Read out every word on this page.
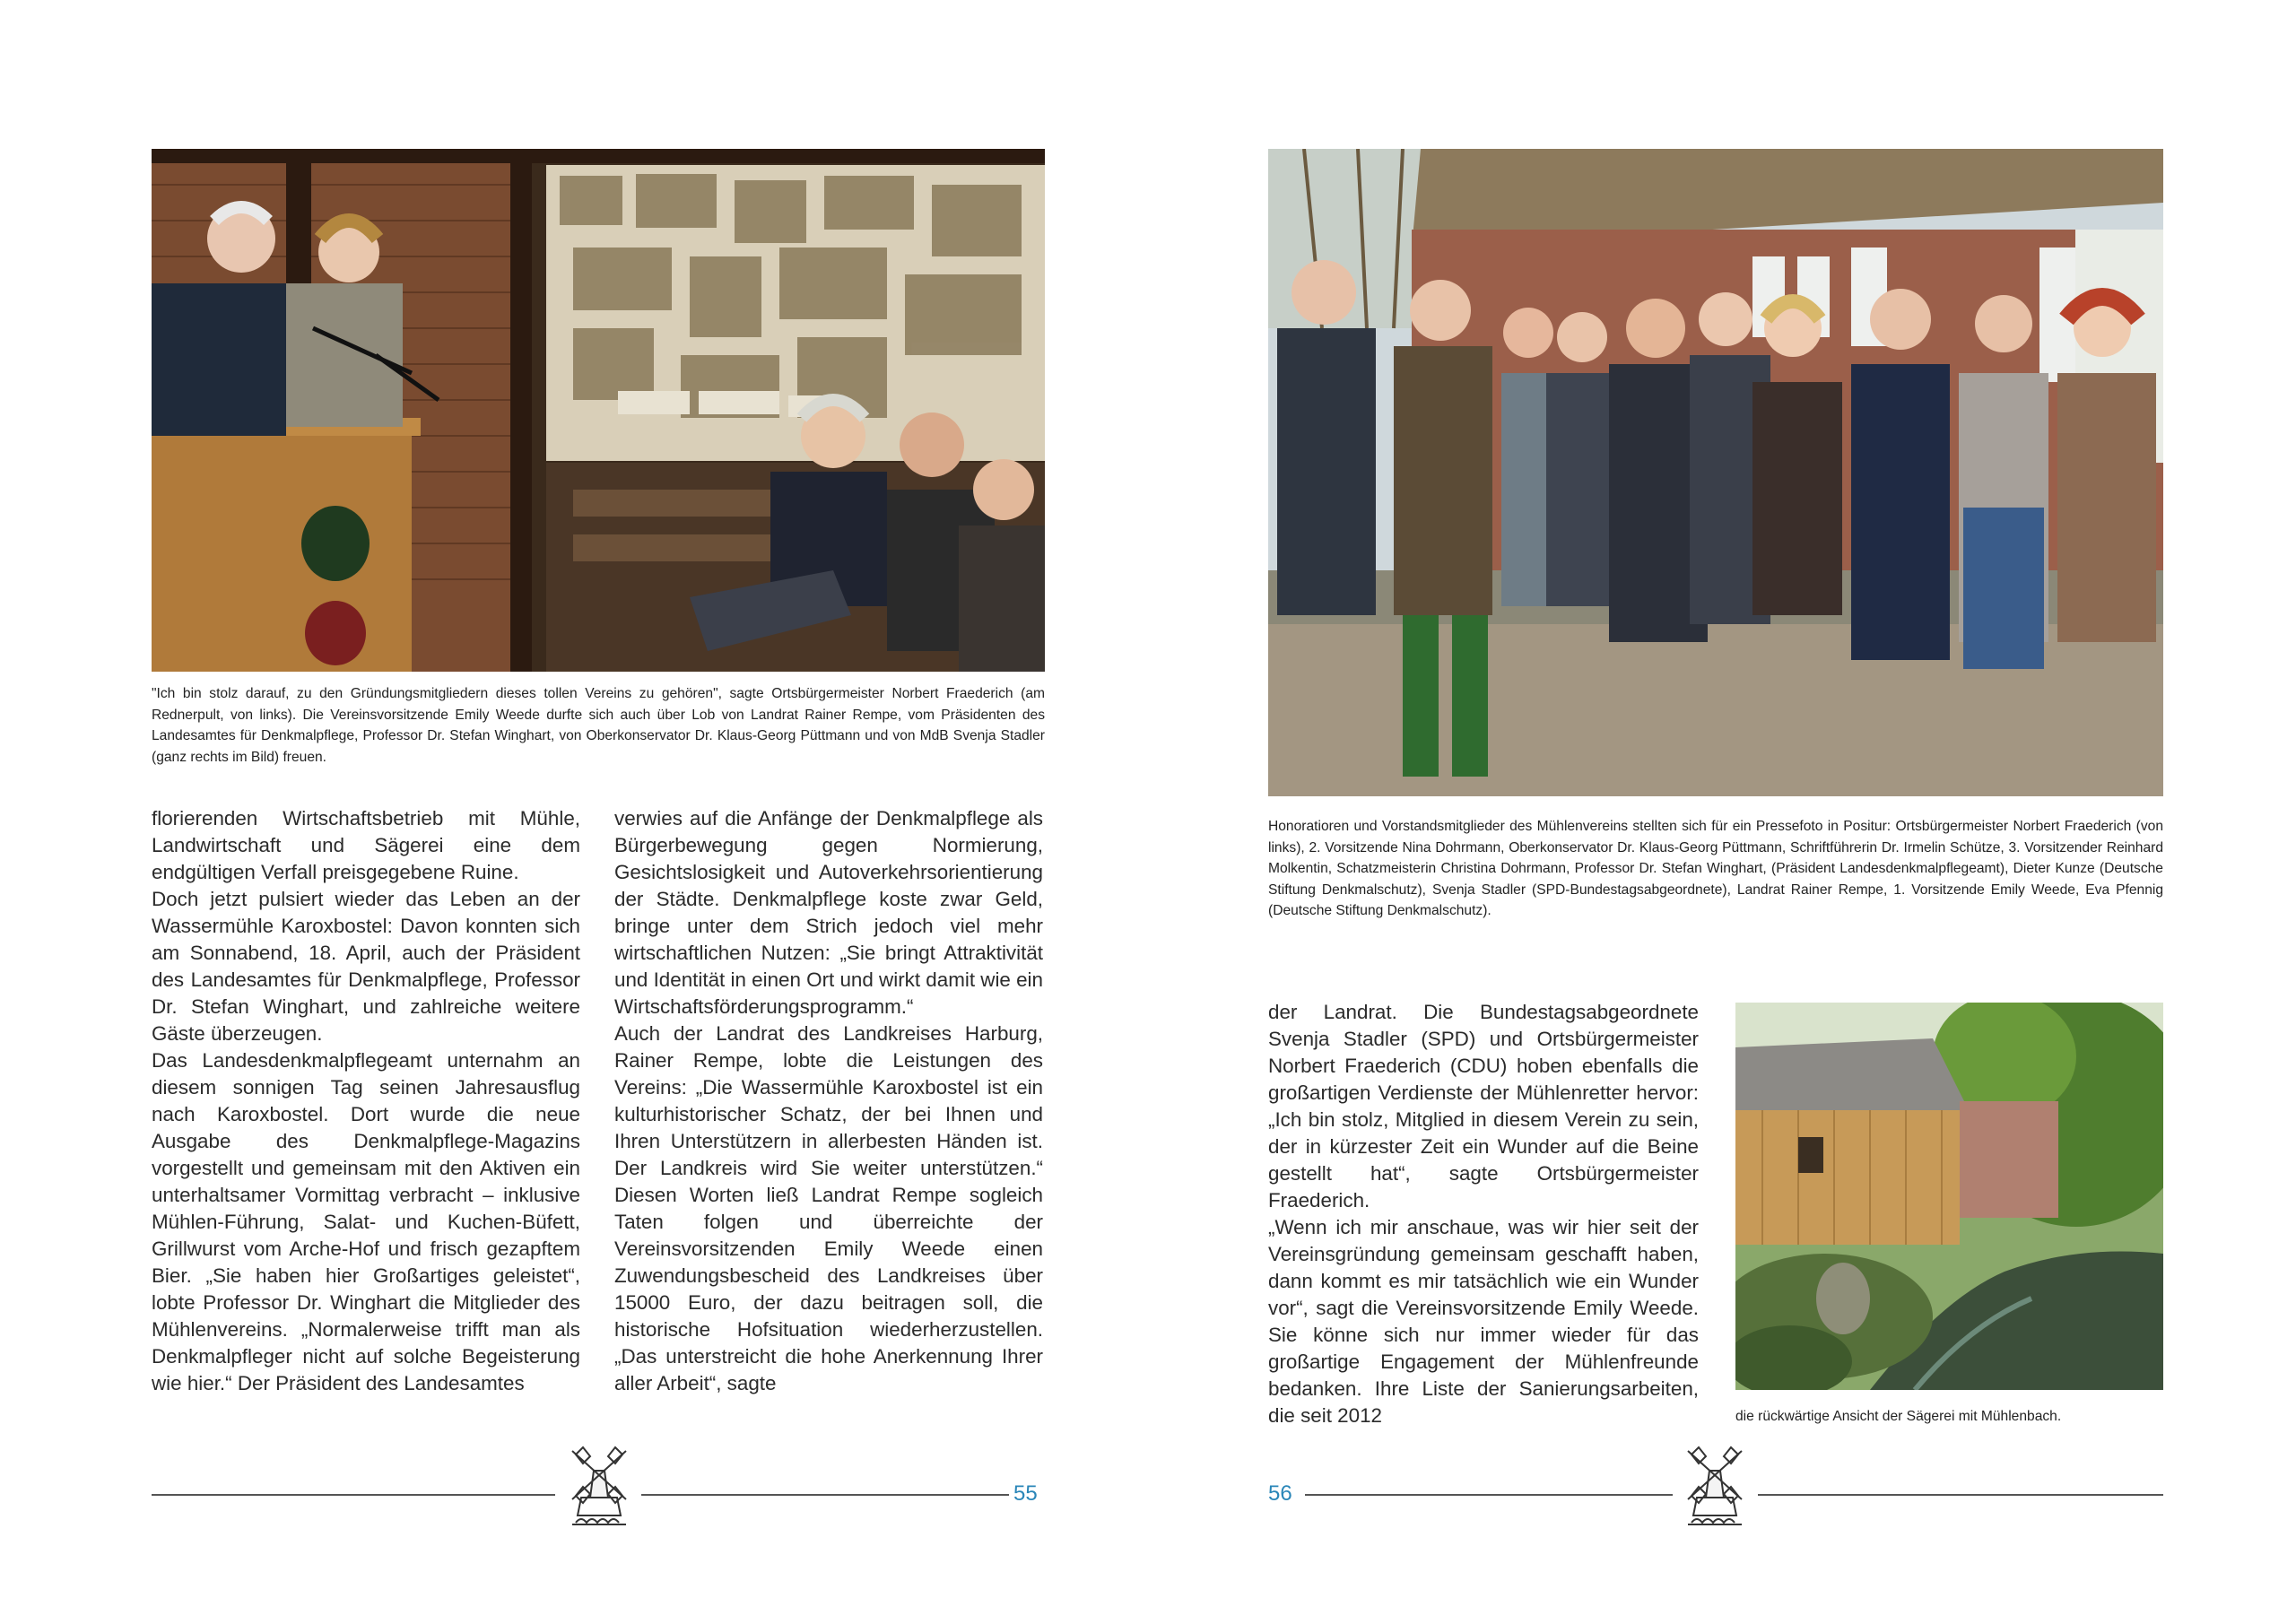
"Ich bin stolz darauf, zu den Gründungsmitgliedern dieses tollen Vereins zu gehören", sagte Ortsbürgermeister Norbert Fraederich (am Rednerpult, von links). Die Vereinsvorsitzende Emily Weede durfte sich auch über Lob von Landrat Rainer Rempe, vom Präsidenten des Landesamtes für Denkmalpflege, Professor Dr. Stefan Winghart, von Oberkonservator Dr. Klaus-Georg Püttmann und von MdB Svenja Stadler (ganz rechts im Bild) freuen.

florierenden Wirtschaftsbetrieb mit Mühle, Landwirtschaft und Sägerei eine dem endgültigen Verfall preisgegebene Ruine.

Doch jetzt pulsiert wieder das Leben an der Wassermühle Karoxbostel: Davon konnten sich am Sonnabend, 18. April, auch der Präsident des Landesamtes für Denkmalpflege, Professor Dr. Stefan Winghart, und zahlreiche weitere Gäste überzeugen.

Das Landesdenkmalpflegeamt unternahm an diesem sonnigen Tag seinen Jahresausflug nach Karoxbostel. Dort wurde die neue Ausgabe des Denkmalpflege-Magazins vorgestellt und gemeinsam mit den Aktiven ein unterhaltsamer Vormittag verbracht – inklusive Mühlen-Führung, Salat- und Kuchen-Büfett, Grillwurst vom Arche-Hof und frisch gezapftem Bier. „Sie haben hier Großartiges geleistet“, lobte Professor Dr. Winghart die Mitglieder des Mühlenvereins. „Normalerweise trifft man als Denkmalpfleger nicht auf solche Begeisterung wie hier.“ Der Präsident des Landesamtes

verwies auf die Anfänge der Denkmalpflege als Bürgerbewegung gegen Normierung, Gesichtslosigkeit und Autoverkehrsorientierung der Städte. Denkmalpflege koste zwar Geld, bringe unter dem Strich jedoch viel mehr wirtschaftlichen Nutzen: „Sie bringt Attraktivität und Identität in einen Ort und wirkt damit wie ein Wirtschaftsförderungsprogramm.“

Auch der Landrat des Landkreises Harburg, Rainer Rempe, lobte die Leistungen des Vereins: „Die Wassermühle Karoxbostel ist ein kulturhistorischer Schatz, der bei Ihnen und Ihren Unterstützern in allerbesten Händen ist. Der Landkreis wird Sie weiter unterstützen.“ Diesen Worten ließ Landrat Rempe sogleich Taten folgen und überreichte der Vereinsvorsitzenden Emily Weede einen Zuwendungsbescheid des Landkreises über 15000 Euro, der dazu beitragen soll, die historische Hofsituation wiederherzustellen. „Das unterstreicht die hohe Anerkennung Ihrer aller Arbeit“, sagte

55

Honoratioren und Vorstandsmitglieder des Mühlenvereins stellten sich für ein Pressefoto in Positur: Ortsbürgermeister Norbert Fraederich (von links), 2. Vorsitzende Nina Dohrmann, Oberkonservator Dr. Klaus-Georg Püttmann, Schriftführerin Dr. Irmelin Schütze, 3. Vorsitzender Reinhard Molkentin, Schatzmeisterin Christina Dohrmann, Professor Dr. Stefan Winghart, (Präsident Landesdenkmalpflegeamt), Dieter Kunze (Deutsche Stiftung Denkmalschutz), Svenja Stadler (SPD-Bundestagsabgeordnete), Landrat Rainer Rempe, 1. Vorsitzende Emily Weede, Eva Pfennig (Deutsche Stiftung Denkmalschutz).

der Landrat. Die Bundestagsabgeordnete Svenja Stadler (SPD) und Ortsbürgermeister Norbert Fraederich (CDU) hoben ebenfalls die großartigen Verdienste der Mühlenretter hervor: „Ich bin stolz, Mitglied in diesem Verein zu sein, der in kürzester Zeit ein Wunder auf die Beine gestellt hat“, sagte Ortsbürgermeister Fraederich.

„Wenn ich mir anschaue, was wir hier seit der Vereinsgründung gemeinsam geschafft haben, dann kommt es mir tatsächlich wie ein Wunder vor“, sagt die Vereinsvorsitzende Emily Weede. Sie könne sich nur immer wieder für das großartige Engagement der Mühlenfreunde bedanken. Ihre Liste der Sanierungsarbeiten, die seit 2012	die rückwärtige Ansicht der Sägerei mit Mühlenbach.
56
